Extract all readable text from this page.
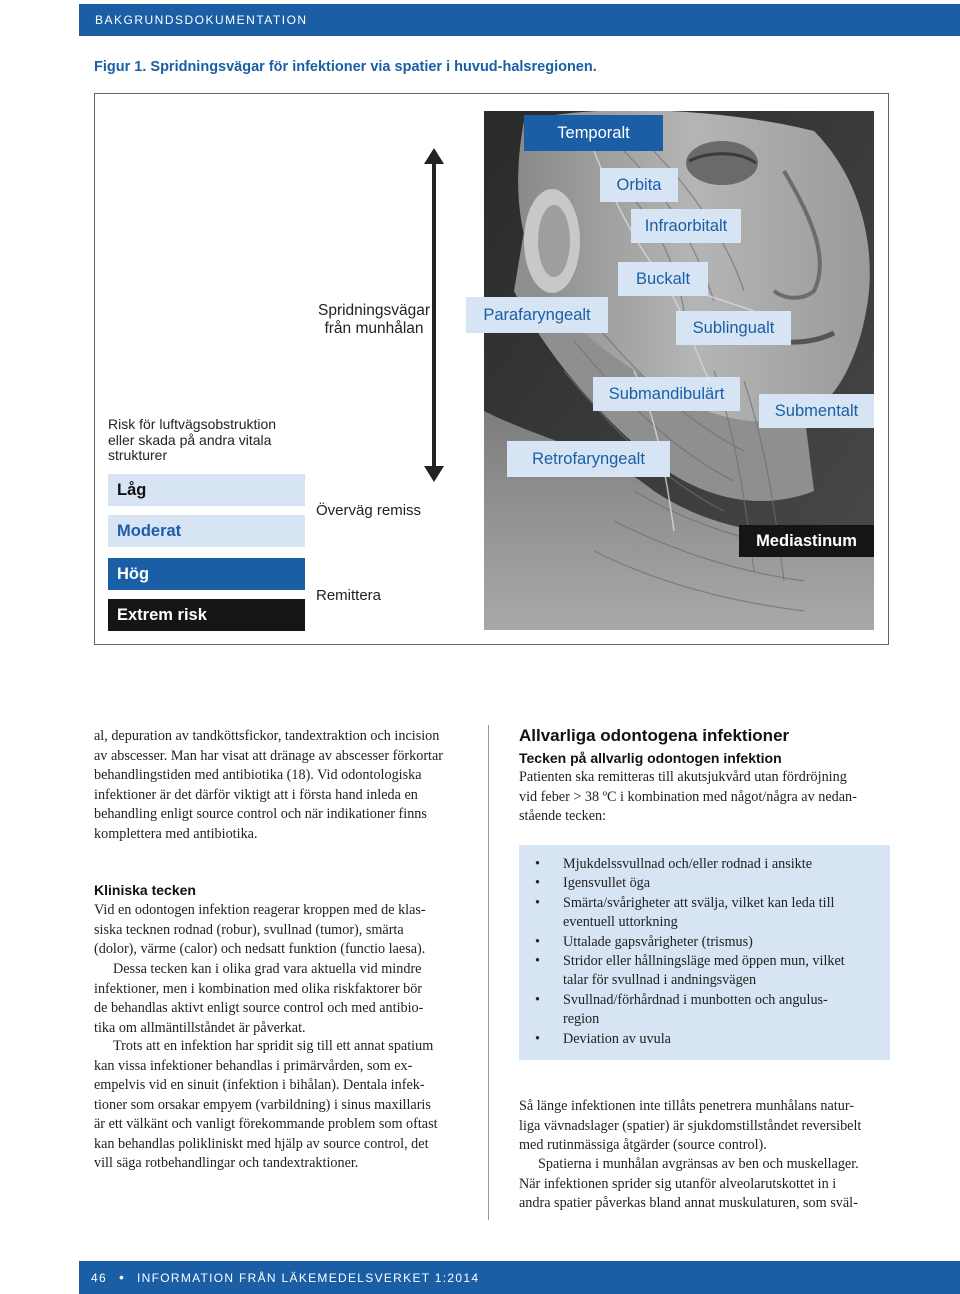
BAKGRUNDSDOKUMENTATION
Figur 1. Spridningsvägar för infektioner via spatier i huvud-halsregionen.
Temporalt
Orbita
Infraorbitalt
Buckalt
Parafaryngealt
Sublingualt
Submandibulärt
Submentalt
Retrofaryngealt
Mediastinum
Spridningsvägar
från munhålan
Risk för luftvägsobstruktion
eller skada på andra vitala
strukturer
Låg
Moderat
Hög
Extrem risk
Överväg remiss
Remittera
al, depuration av tandköttsfickor, tandextraktion och incision
av abscesser. Man har visat att dränage av abscesser förkortar
behandlingstiden med antibiotika (18). Vid odontologiska
infektioner är det därför viktigt att i första hand inleda en
behandling enligt source control och när indikationer finns
komplettera med antibiotika.
Kliniska tecken
Vid en odontogen infektion reagerar kroppen med de klas-
siska tecknen rodnad (robur), svullnad (tumor), smärta
(dolor), värme (calor) och nedsatt funktion (functio laesa).
Dessa tecken kan i olika grad vara aktuella vid mindre
infektioner, men i kombination med olika riskfaktorer bör
de behandlas aktivt enligt source control och med antibio-
tika om allmäntillståndet är påverkat.
Trots att en infektion har spridit sig till ett annat spatium
kan vissa infektioner behandlas i primärvården, som ex-
empelvis vid en sinuit (infektion i bihålan). Dentala infek-
tioner som orsakar empyem (varbildning) i sinus maxillaris
är ett välkänt och vanligt förekommande problem som oftast
kan behandlas polikliniskt med hjälp av source control, det
vill säga rotbehandlingar och tandextraktioner.
Allvarliga odontogena infektioner
Tecken på allvarlig odontogen infektion
Patienten ska remitteras till akutsjukvård utan fördröjning
vid feber > 38 ºC i kombination med något/några av nedan-
stående tecken:
• Mjukdelssvullnad och/eller rodnad i ansikte
• Igensvullet öga
• Smärta/svårigheter att svälja, vilket kan leda till
eventuell uttorkning
• Uttalade gapsvårigheter (trismus)
• Stridor eller hållningsläge med öppen mun, vilket
talar för svullnad i andningsvägen
• Svullnad/förhårdnad i munbotten och angulus-
region
• Deviation av uvula
Så länge infektionen inte tillåts penetrera munhålans natur-
liga vävnadslager (spatier) är sjukdomstillståndet reversibelt
med rutinmässiga åtgärder (source control).
Spatierna i munhålan avgränsas av ben och muskellager.
När infektionen sprider sig utanför alveolarutskottet in i
andra spatier påverkas bland annat muskulaturen, som sväl-
46 • INFORMATION FRÅN LÄKEMEDELSVERKET 1:2014
